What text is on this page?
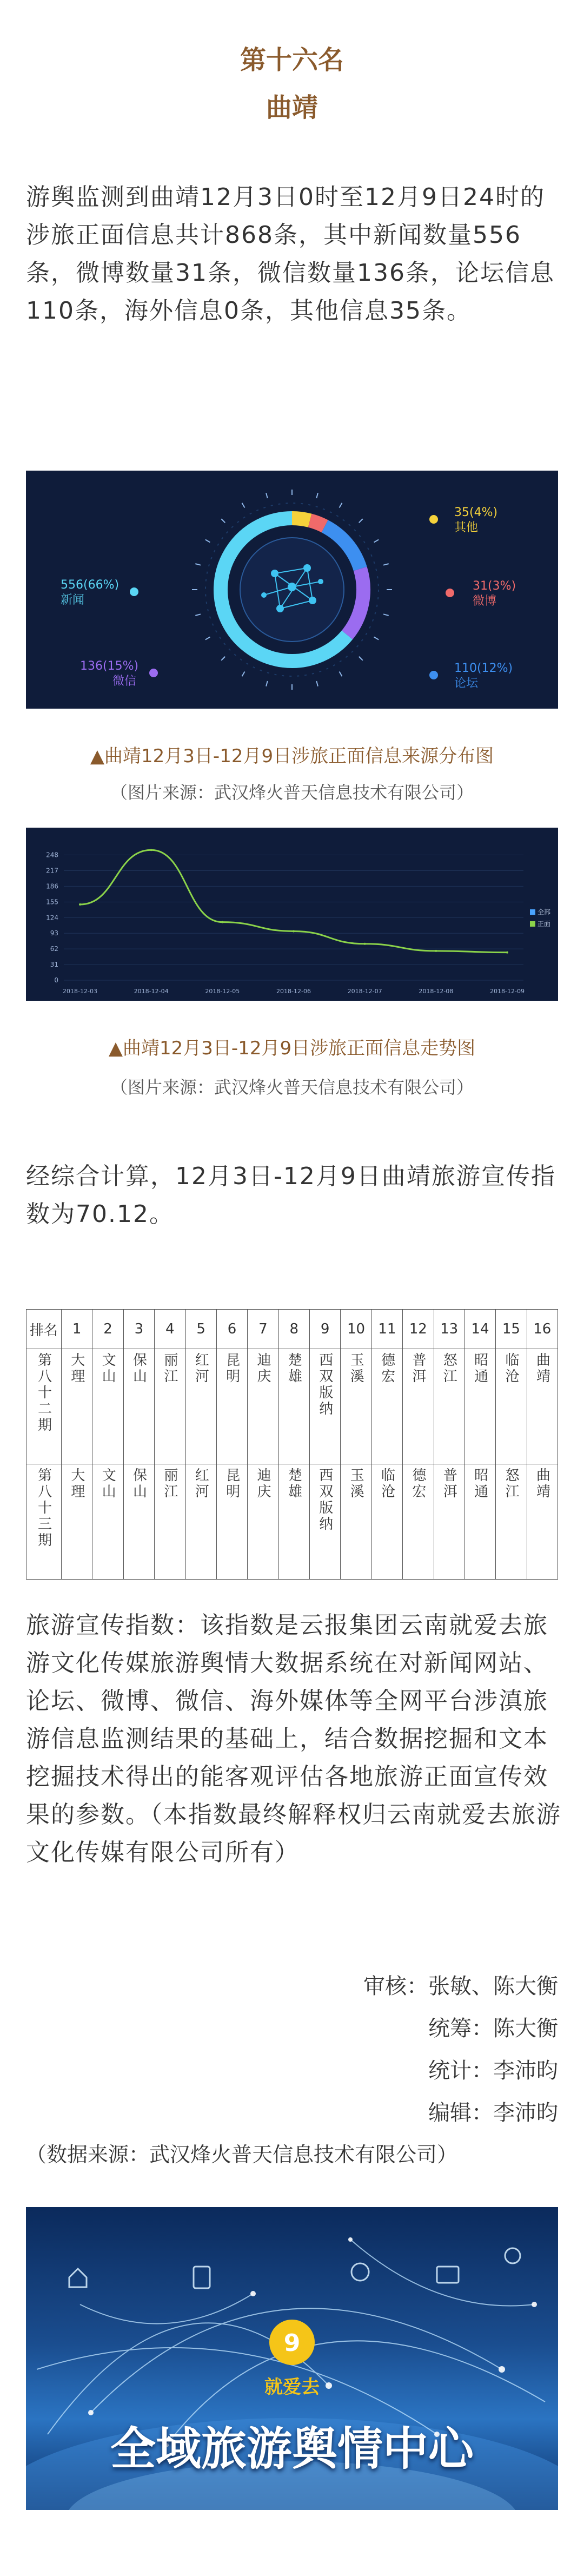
第十六名
曲靖
游舆监测到曲靖12月3日0时至12月9日24时的涉旅正面信息共计868条，其中新闻数量556条，微博数量31条，微信数量136条，论坛信息110条，海外信息0条，其他信息35条。
556(66%)
新闻
136(15%)
微信
35(4%)
其他
31(3%)
微博
110(12%)
论坛
▲曲靖12月3日-12月9日涉旅正面信息来源分布图
（图片来源：武汉烽火普天信息技术有限公司）
248
217
186
155
124
93
62
31
0
2018-12-03	2018-12-04	2018-12-05	2018-12-06	2018-12-07	2018-12-08	2018-12-09
全部
正面
▲曲靖12月3日-12月9日涉旅正面信息走势图
（图片来源：武汉烽火普天信息技术有限公司）
经综合计算，12月3日-12月9日曲靖旅游宣传指数为70.12。
排名	1	2	3	4	5	6	7	8	9	10	11	12	13	14	15	16
第八十二期	大理	文山	保山	丽江	红河	昆明	迪庆	楚雄	西双版纳	玉溪	德宏	普洱	怒江	昭通	临沧	曲靖
第八十三期	大理	文山	保山	丽江	红河	昆明	迪庆	楚雄	西双版纳	玉溪	临沧	德宏	普洱	昭通	怒江	曲靖
旅游宣传指数：该指数是云报集团云南就爱去旅游文化传媒旅游舆情大数据系统在对新闻网站、论坛、微博、微信、海外媒体等全网平台涉滇旅游信息监测结果的基础上，结合数据挖掘和文本挖掘技术得出的能客观评估各地旅游正面宣传效果的参数。（本指数最终解释权归云南就爱去旅游文化传媒有限公司所有）
审核：张敏、陈大衡
统筹：陈大衡
统计：李沛昀
编辑：李沛昀
（数据来源：武汉烽火普天信息技术有限公司）
9
就爱去
全域旅游舆情中心
